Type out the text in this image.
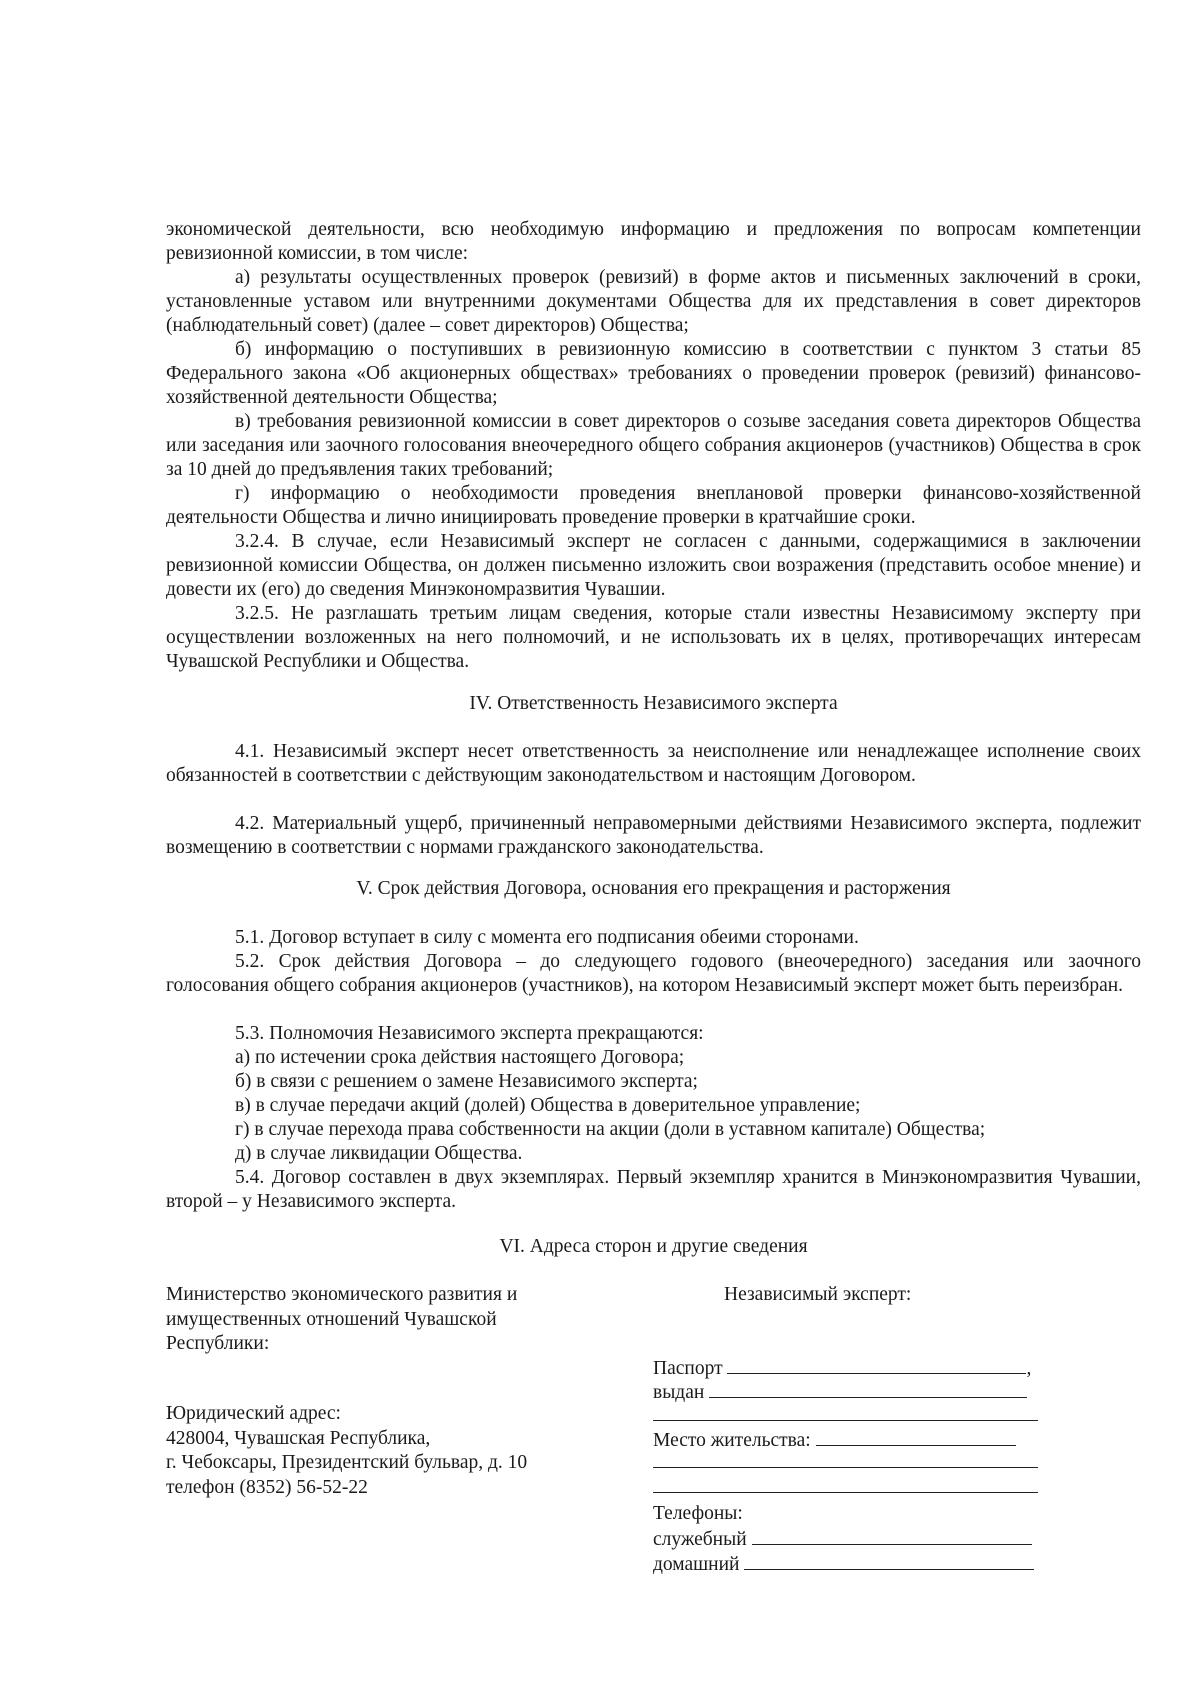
экономической деятельности, всю необходимую информацию и предложения по вопросам компетенции ревизионной комиссии, в том числе:

а) результаты осуществленных проверок (ревизий) в форме актов и письменных заключений в сроки, установленные уставом или внутренними документами Общества для их представления в совет директоров (наблюдательный совет) (далее – совет директоров) Общества;

б) информацию о поступивших в ревизионную комиссию в соответствии с пунктом 3 статьи 85 Федерального закона «Об акционерных обществах» требованиях о проведении проверок (ревизий) финансово-хозяйственной деятельности Общества;

в) требования ревизионной комиссии в совет директоров о созыве заседания совета директоров Общества или заседания или заочного голосования внеочередного общего собрания акционеров (участников) Общества в срок за 10 дней до предъявления таких требований;

г) информацию о необходимости проведения внеплановой проверки финансово-хозяйственной деятельности Общества и лично инициировать проведение проверки в кратчайшие сроки.

3.2.4. В случае, если Независимый эксперт не согласен с данными, содержащимися в заключении ревизионной комиссии Общества, он должен письменно изложить свои возражения (представить особое мнение) и довести их (его) до сведения Минэкономразвития Чувашии.

3.2.5. Не разглашать третьим лицам сведения, которые стали известны Независимому эксперту при осуществлении возложенных на него полномочий, и не использовать их в целях, противоречащих интересам Чувашской Республики и Общества.

IV. Ответственность Независимого эксперта

4.1. Независимый эксперт несет ответственность за неисполнение или ненадлежащее исполнение своих обязанностей в соответствии с действующим законодательством и настоящим Договором.

4.2. Материальный ущерб, причиненный неправомерными действиями Независимого эксперта, подлежит возмещению в соответствии с нормами гражданского законодательства.

V. Срок действия Договора, основания его прекращения и расторжения

5.1. Договор вступает в силу с момента его подписания обеими сторонами.

5.2. Срок действия Договора – до следующего годового (внеочередного) заседания или заочного голосования общего собрания акционеров (участников), на котором Независимый эксперт может быть переизбран.

5.3. Полномочия Независимого эксперта прекращаются:

а) по истечении срока действия настоящего Договора;

б) в связи с решением о замене Независимого эксперта;

в) в случае передачи акций (долей) Общества в доверительное управление;

г) в случае перехода права собственности на акции (доли в уставном капитале) Общества;

д) в случае ликвидации Общества.

5.4. Договор составлен в двух экземплярах. Первый экземпляр хранится в Минэкономразвития Чувашии, второй – у Независимого эксперта.

VI. Адреса сторон и другие сведения

Министерство экономического развития и
имущественных отношений Чувашской
Республики:
Юридический адрес:
428004, Чувашская Республика,
г. Чебоксары, Президентский бульвар, д. 10
телефон (8352) 56-52-22
Независимый эксперт:
Паспорт	,
выдан
Место жительства:
Телефоны:
служебный
домашний
